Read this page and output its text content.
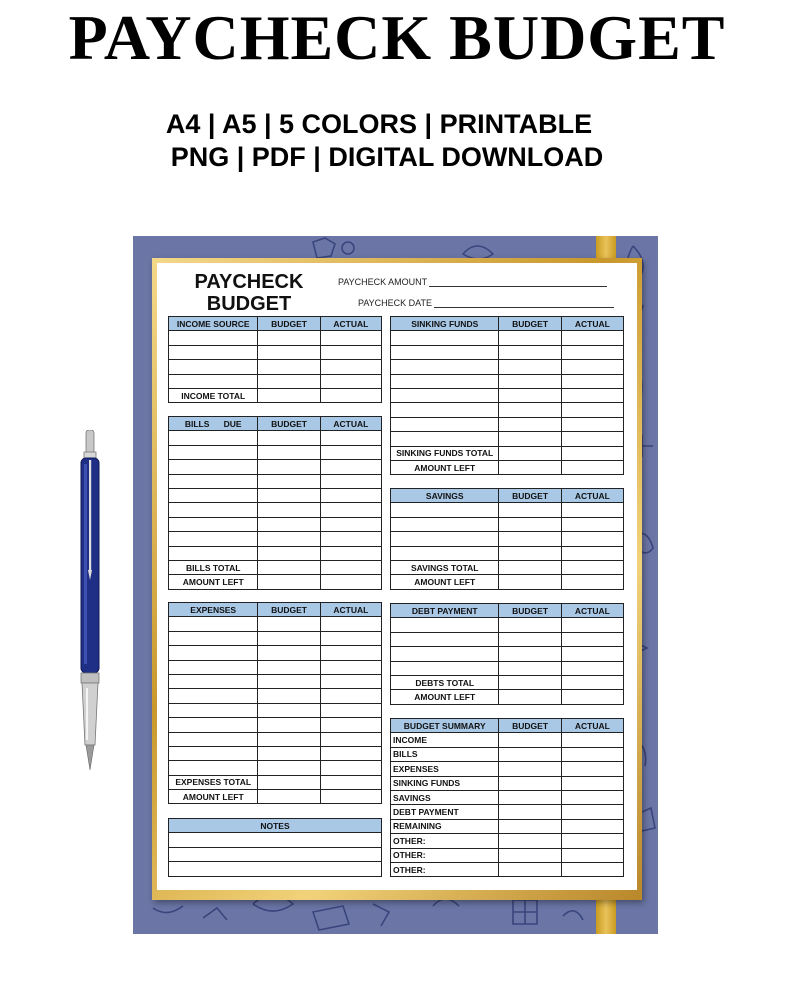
PAYCHECK BUDGET
A4 | A5 | 5 COLORS | PRINTABLE
PNG | PDF | DIGITAL DOWNLOAD
PAYCHECK
BUDGET
PAYCHECK AMOUNT
PAYCHECK DATE
INCOME SOURCE	BUDGET	ACTUAL

INCOME TOTAL		
BILLS DUE	BUDGET	ACTUAL

BILLS TOTAL		
AMOUNT LEFT		
EXPENSES	BUDGET	ACTUAL

EXPENSES TOTAL		
AMOUNT LEFT		
NOTES

SINKING FUNDS	BUDGET	ACTUAL

SINKING FUNDS TOTAL		
AMOUNT LEFT		
SAVINGS	BUDGET	ACTUAL

SAVINGS TOTAL		
AMOUNT LEFT		
DEBT PAYMENT	BUDGET	ACTUAL

DEBTS TOTAL		
AMOUNT LEFT		
BUDGET SUMMARY	BUDGET	ACTUAL
INCOME		
BILLS		
EXPENSES		
SINKING FUNDS		
SAVINGS		
DEBT PAYMENT		
REMAINING		
OTHER:		
OTHER:		
OTHER:		
